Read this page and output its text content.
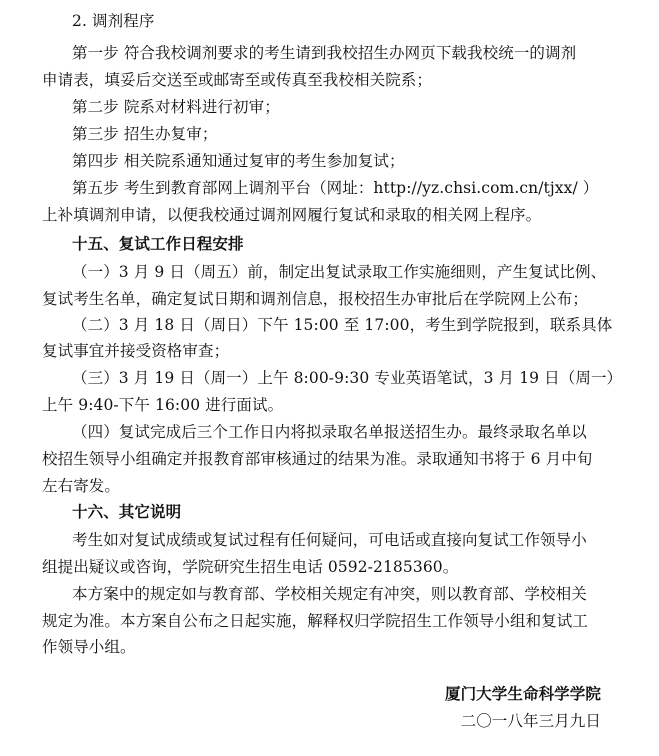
2. 调剂程序
第一步 符合我校调剂要求的考生请到我校招生办网页下载我校统一的调剂
申请表，填妥后交送至或邮寄至或传真至我校相关院系；
第二步 院系对材料进行初审；
第三步 招生办复审；
第四步 相关院系通知通过复审的考生参加复试；
第五步 考生到教育部网上调剂平台（网址：http://yz.chsi.com.cn/tjxx/ ）
上补填调剂申请，以便我校通过调剂网履行复试和录取的相关网上程序。
十五、复试工作日程安排
（一）3 月 9 日（周五）前，制定出复试录取工作实施细则，产生复试比例、
复试考生名单，确定复试日期和调剂信息，报校招生办审批后在学院网上公布；
（二）3 月 18 日（周日）下午 15:00 至 17:00，考生到学院报到，联系具体
复试事宜并接受资格审查；
（三）3 月 19 日（周一）上午 8:00-9:30 专业英语笔试，3 月 19 日（周一）
上午 9:40-下午 16:00 进行面试。
（四）复试完成后三个工作日内将拟录取名单报送招生办。最终录取名单以
校招生领导小组确定并报教育部审核通过的结果为准。录取通知书将于 6 月中旬
左右寄发。
十六、其它说明
考生如对复试成绩或复试过程有任何疑问，可电话或直接向复试工作领导小
组提出疑议或咨询，学院研究生招生电话 0592-2185360。
本方案中的规定如与教育部、学校相关规定有冲突，则以教育部、学校相关
规定为准。本方案自公布之日起实施，解释权归学院招生工作领导小组和复试工
作领导小组。
厦门大学生命科学学院
二〇一八年三月九日
